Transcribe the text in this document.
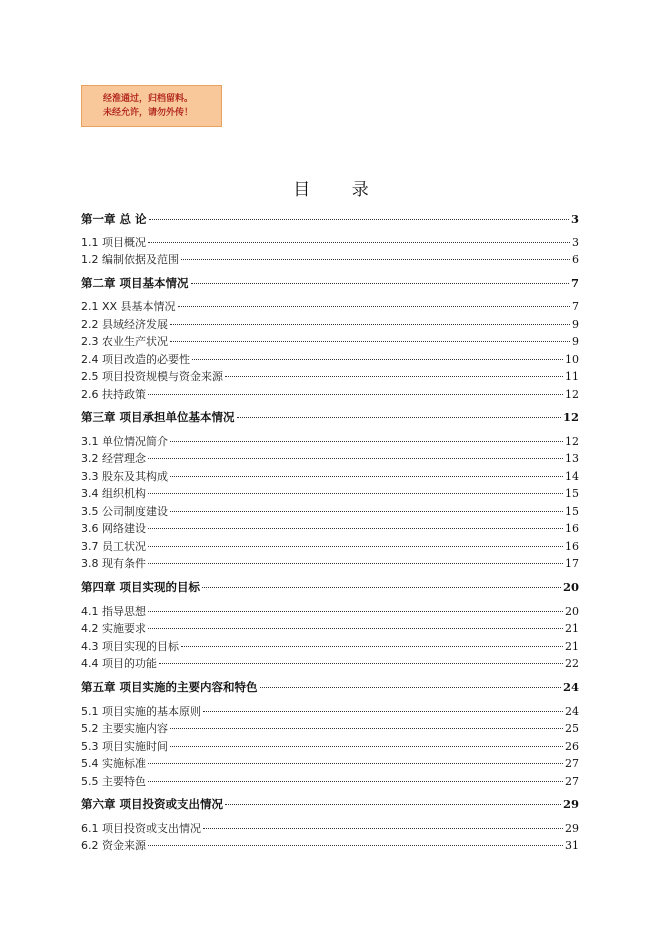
经淮通过，归档留料。
未经允许，请勿外传！
目 录
第一章 总 论	3
1.1 项目概况	3
1.2 编制依据及范围	6
第二章 项目基本情况	7
2.1 XX 县基本情况	7
2.2 县域经济发展	9
2.3 农业生产状况	9
2.4 项目改造的必要性	10
2.5 项目投资规模与资金来源	11
2.6 扶持政策	12
第三章 项目承担单位基本情况	12
3.1 单位情况简介	12
3.2 经营理念	13
3.3 股东及其构成	14
3.4 组织机构	15
3.5 公司制度建设	15
3.6 网络建设	16
3.7 员工状况	16
3.8 现有条件	17
第四章 项目实现的目标	20
4.1 指导思想	20
4.2 实施要求	21
4.3 项目实现的目标	21
4.4 项目的功能	22
第五章 项目实施的主要内容和特色	24
5.1 项目实施的基本原则	24
5.2 主要实施内容	25
5.3 项目实施时间	26
5.4 实施标准	27
5.5 主要特色	27
第六章 项目投资或支出情况	29
6.1 项目投资或支出情况	29
6.2 资金来源	31
